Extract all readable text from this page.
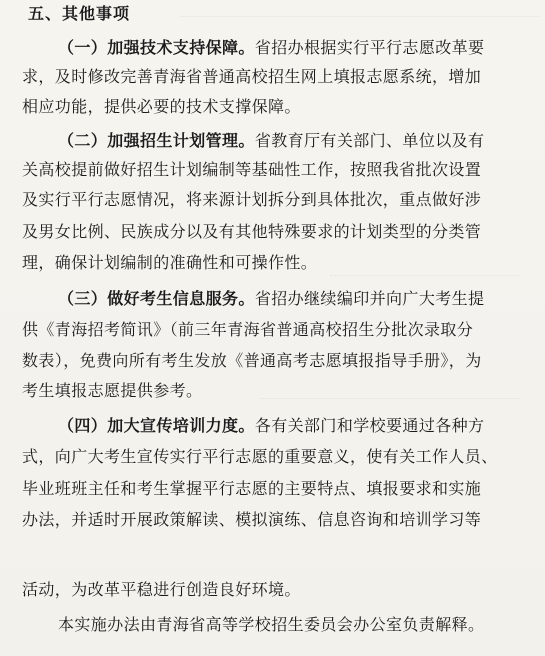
五、其他事项
（一）加强技术支持保障。省招办根据实行平行志愿改革要
求，及时修改完善青海省普通高校招生网上填报志愿系统，增加
相应功能，提供必要的技术支撑保障。
（二）加强招生计划管理。省教育厅有关部门、单位以及有
关高校提前做好招生计划编制等基础性工作，按照我省批次设置
及实行平行志愿情况，将来源计划拆分到具体批次，重点做好涉
及男女比例、民族成分以及有其他特殊要求的计划类型的分类管
理，确保计划编制的准确性和可操作性。
（三）做好考生信息服务。省招办继续编印并向广大考生提
供《青海招考简讯》（前三年青海省普通高校招生分批次录取分
数表），免费向所有考生发放《普通高考志愿填报指导手册》，为
考生填报志愿提供参考。
（四）加大宣传培训力度。各有关部门和学校要通过各种方
式，向广大考生宣传实行平行志愿的重要意义，使有关工作人员、
毕业班班主任和考生掌握平行志愿的主要特点、填报要求和实施
办法，并适时开展政策解读、模拟演练、信息咨询和培训学习等
活动，为改革平稳进行创造良好环境。
本实施办法由青海省高等学校招生委员会办公室负责解释。
